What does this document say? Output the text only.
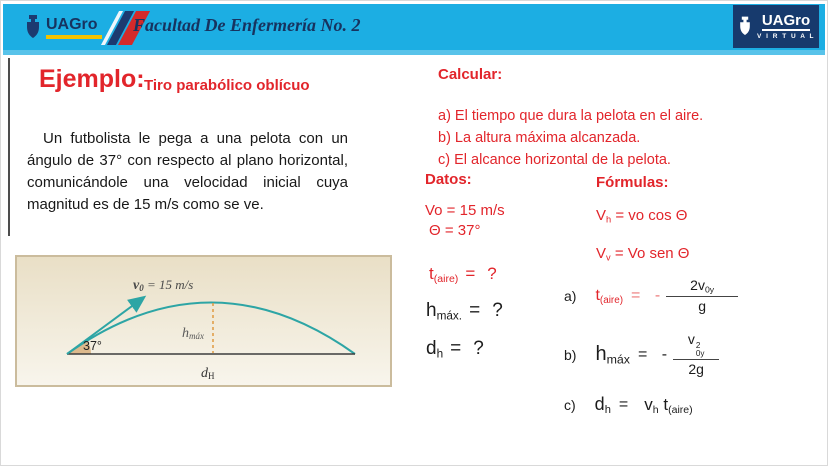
UAGro Facultad De Enfermería No. 2	UAGro
V I R T U A L
Ejemplo: Tiro parabólico oblícuo
Un futbolista le pega a una pelota con un ángulo de 37° con respecto al plano horizontal, comunicándole una velocidad inicial cuya magnitud es de 15 m/s como se ve.
v0 = 15 m/s
37°
hmáx
dH
Calcular:
a) El tiempo que dura la pelota en el aire.
b) La altura máxima alcanzada.
c) El alcance horizontal de la pelota.
Datos:
Vo = 15 m/s
Θ = 37°
Fórmulas:
$V_h$ = vo cos Θ
$V_v = Vo$ sen Θ
$t_{(aire)}$ = ?
$h_{máx.}$ = ?
$d_h$ = ?
a) $t_{(aire)}$ = - $\frac{2v_{0y}}{g}$
b) $h_{máx}$ = - v 2
0y
2g
c) $d_h = v_h$ $t_{(aire)}$
